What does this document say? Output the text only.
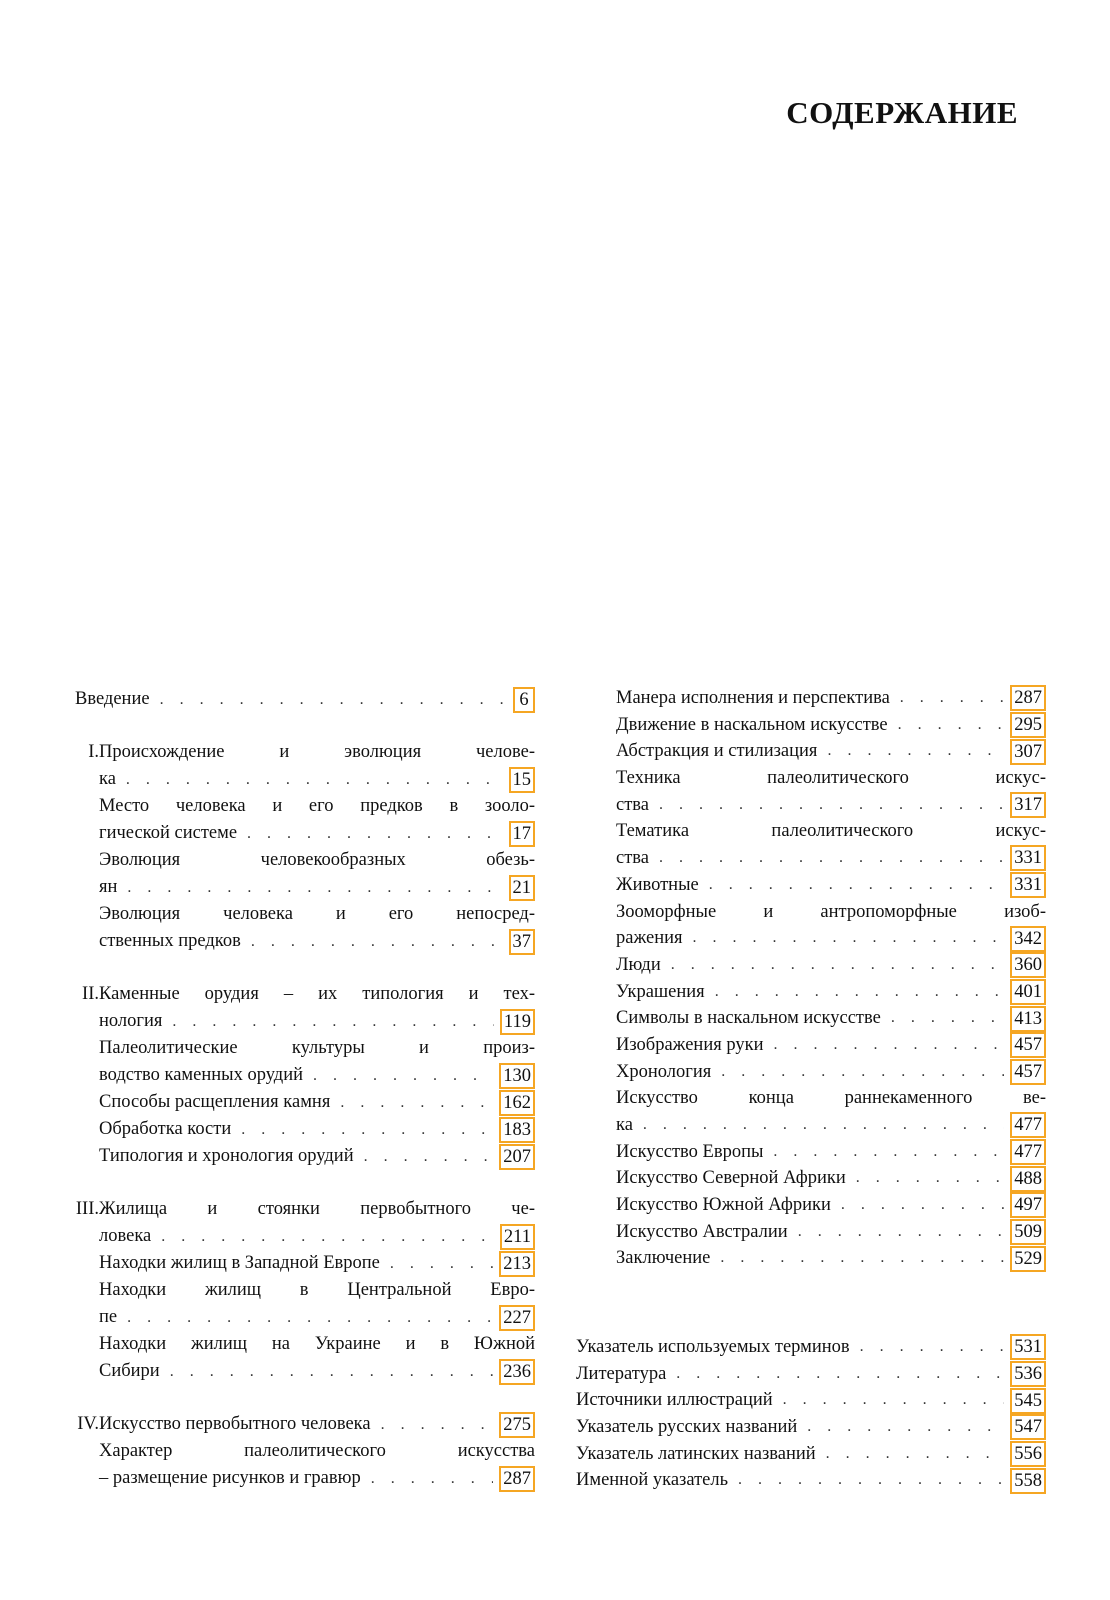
СОДЕРЖАНИЕ
Введение . . .	6
I. Происхождение и эволюция челове-
ка . . .	15
Место человека и его предков в зооло-
гической системе . . .	17
Эволюция человекообразных обезь-
ян . . .	21
Эволюция человека и его непосред-
ственных предков . . .	37
II. Каменные орудия – их типология и тех-
нология . . .	119
Палеолитические культуры и произ-
водство каменных орудий . . .	130
Способы расщепления камня . . .	162
Обработка кости . . .	183
Типология и хронология орудий . . .	207
III. Жилища и стоянки первобытного че-
ловека . . .	211
Находки жилищ в Западной Европе . . .	213
Находки жилищ в Центральной Евро-
пе . . .	227
Находки жилищ на Украине и в Южной
Сибири . . .	236
IV. Искусство первобытного человека . . .	275
Характер палеолитического искусства
– размещение рисунков и гравюр . . .	287
Манера исполнения и перспектива . . .	287
Движение в наскальном искусстве . . .	295
Абстракция и стилизация . . .	307
Техника палеолитического искус-
ства . . .	317
Тематика палеолитического искус-
ства . . .	331
Животные . . .	331
Зооморфные и антропоморфные изоб-
ражения . . .	342
Люди . . .	360
Украшения . . .	401
Символы в наскальном искусстве . . .	413
Изображения руки . . .	457
Хронология . . .	457
Искусство конца раннекаменного ве-
ка . . .	477
Искусство Европы . . .	477
Искусство Северной Африки . . .	488
Искусство Южной Африки . . .	497
Искусство Австралии . . .	509
Заключение . . .	529
Указатель используемых терминов . . .	531
Литература . . .	536
Источники иллюстраций . . .	545
Указатель русских названий . . .	547
Указатель латинских названий . . .	556
Именной указатель . . .	558
